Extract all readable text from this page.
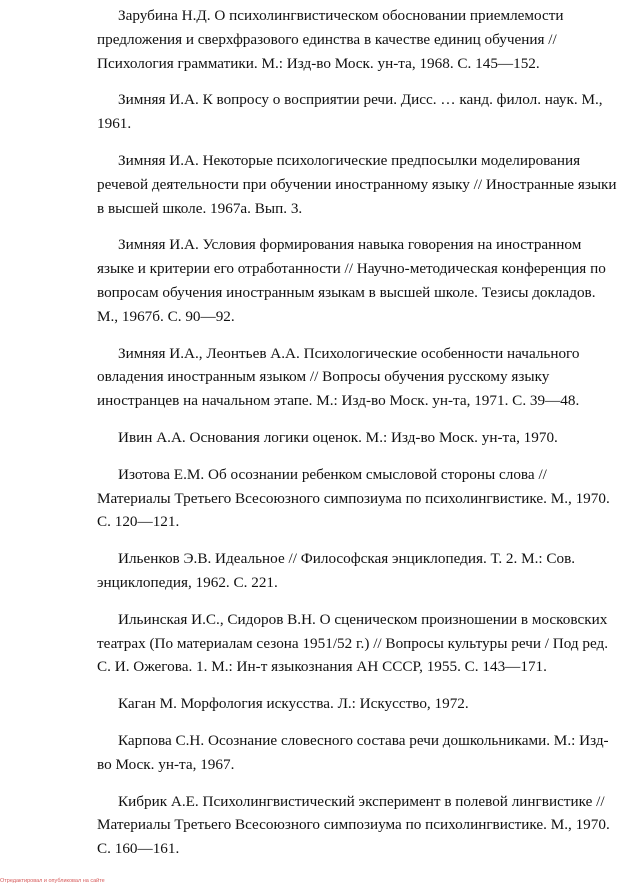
Зарубина Н.Д. О психолингвистическом обосновании приемлемости предложения и сверхфразового единства в качестве единиц обучения // Психология грамматики. М.: Изд-во Моск. ун-та, 1968. С. 145—152.

Зимняя И.А. К вопросу о восприятии речи. Дисс. … канд. филол. наук. М., 1961.

Зимняя И.А. Некоторые психологические предпосылки моделирования речевой деятельности при обучении иностранному языку // Иностранные языки в высшей школе. 1967а. Вып. 3.

Зимняя И.А. Условия формирования навыка говорения на иностранном языке и критерии его отработанности // Научно-методическая конференция по вопросам обучения иностранным языкам в высшей школе. Тезисы докладов. М., 1967б. С. 90—92.

Зимняя И.А., Леонтьев А.А. Психологические особенности начального овладения иностранным языком // Вопросы обучения русскому языку иностранцев на начальном этапе. М.: Изд-во Моск. ун-та, 1971. С. 39—48.

Ивин А.А. Основания логики оценок. М.: Изд-во Моск. ун-та, 1970.

Изотова Е.М. Об осознании ребенком смысловой стороны слова // Материалы Третьего Всесоюзного симпозиума по психолингвистике. М., 1970. С. 120—121.

Ильенков Э.В. Идеальное // Философская энциклопедия. Т. 2. М.: Сов. энциклопедия, 1962. С. 221.

Ильинская И.С., Сидоров В.Н. О сценическом произношении в московских театрах (По материалам сезона 1951/52 г.) // Вопросы культуры речи / Под ред. С. И. Ожегова. 1. М.: Ин-т языкознания АН СССР, 1955. С. 143—171.

Каган М. Морфология искусства. Л.: Искусство, 1972.

Карпова С.Н. Осознание словесного состава речи дошкольниками. М.: Изд-во Моск. ун-та, 1967.

Кибрик А.Е. Психолингвистический эксперимент в полевой лингвистике // Материалы Третьего Всесоюзного симпозиума по психолингвистике. М., 1970. С. 160—161.

Отредактировал и опубликовал на сайте
